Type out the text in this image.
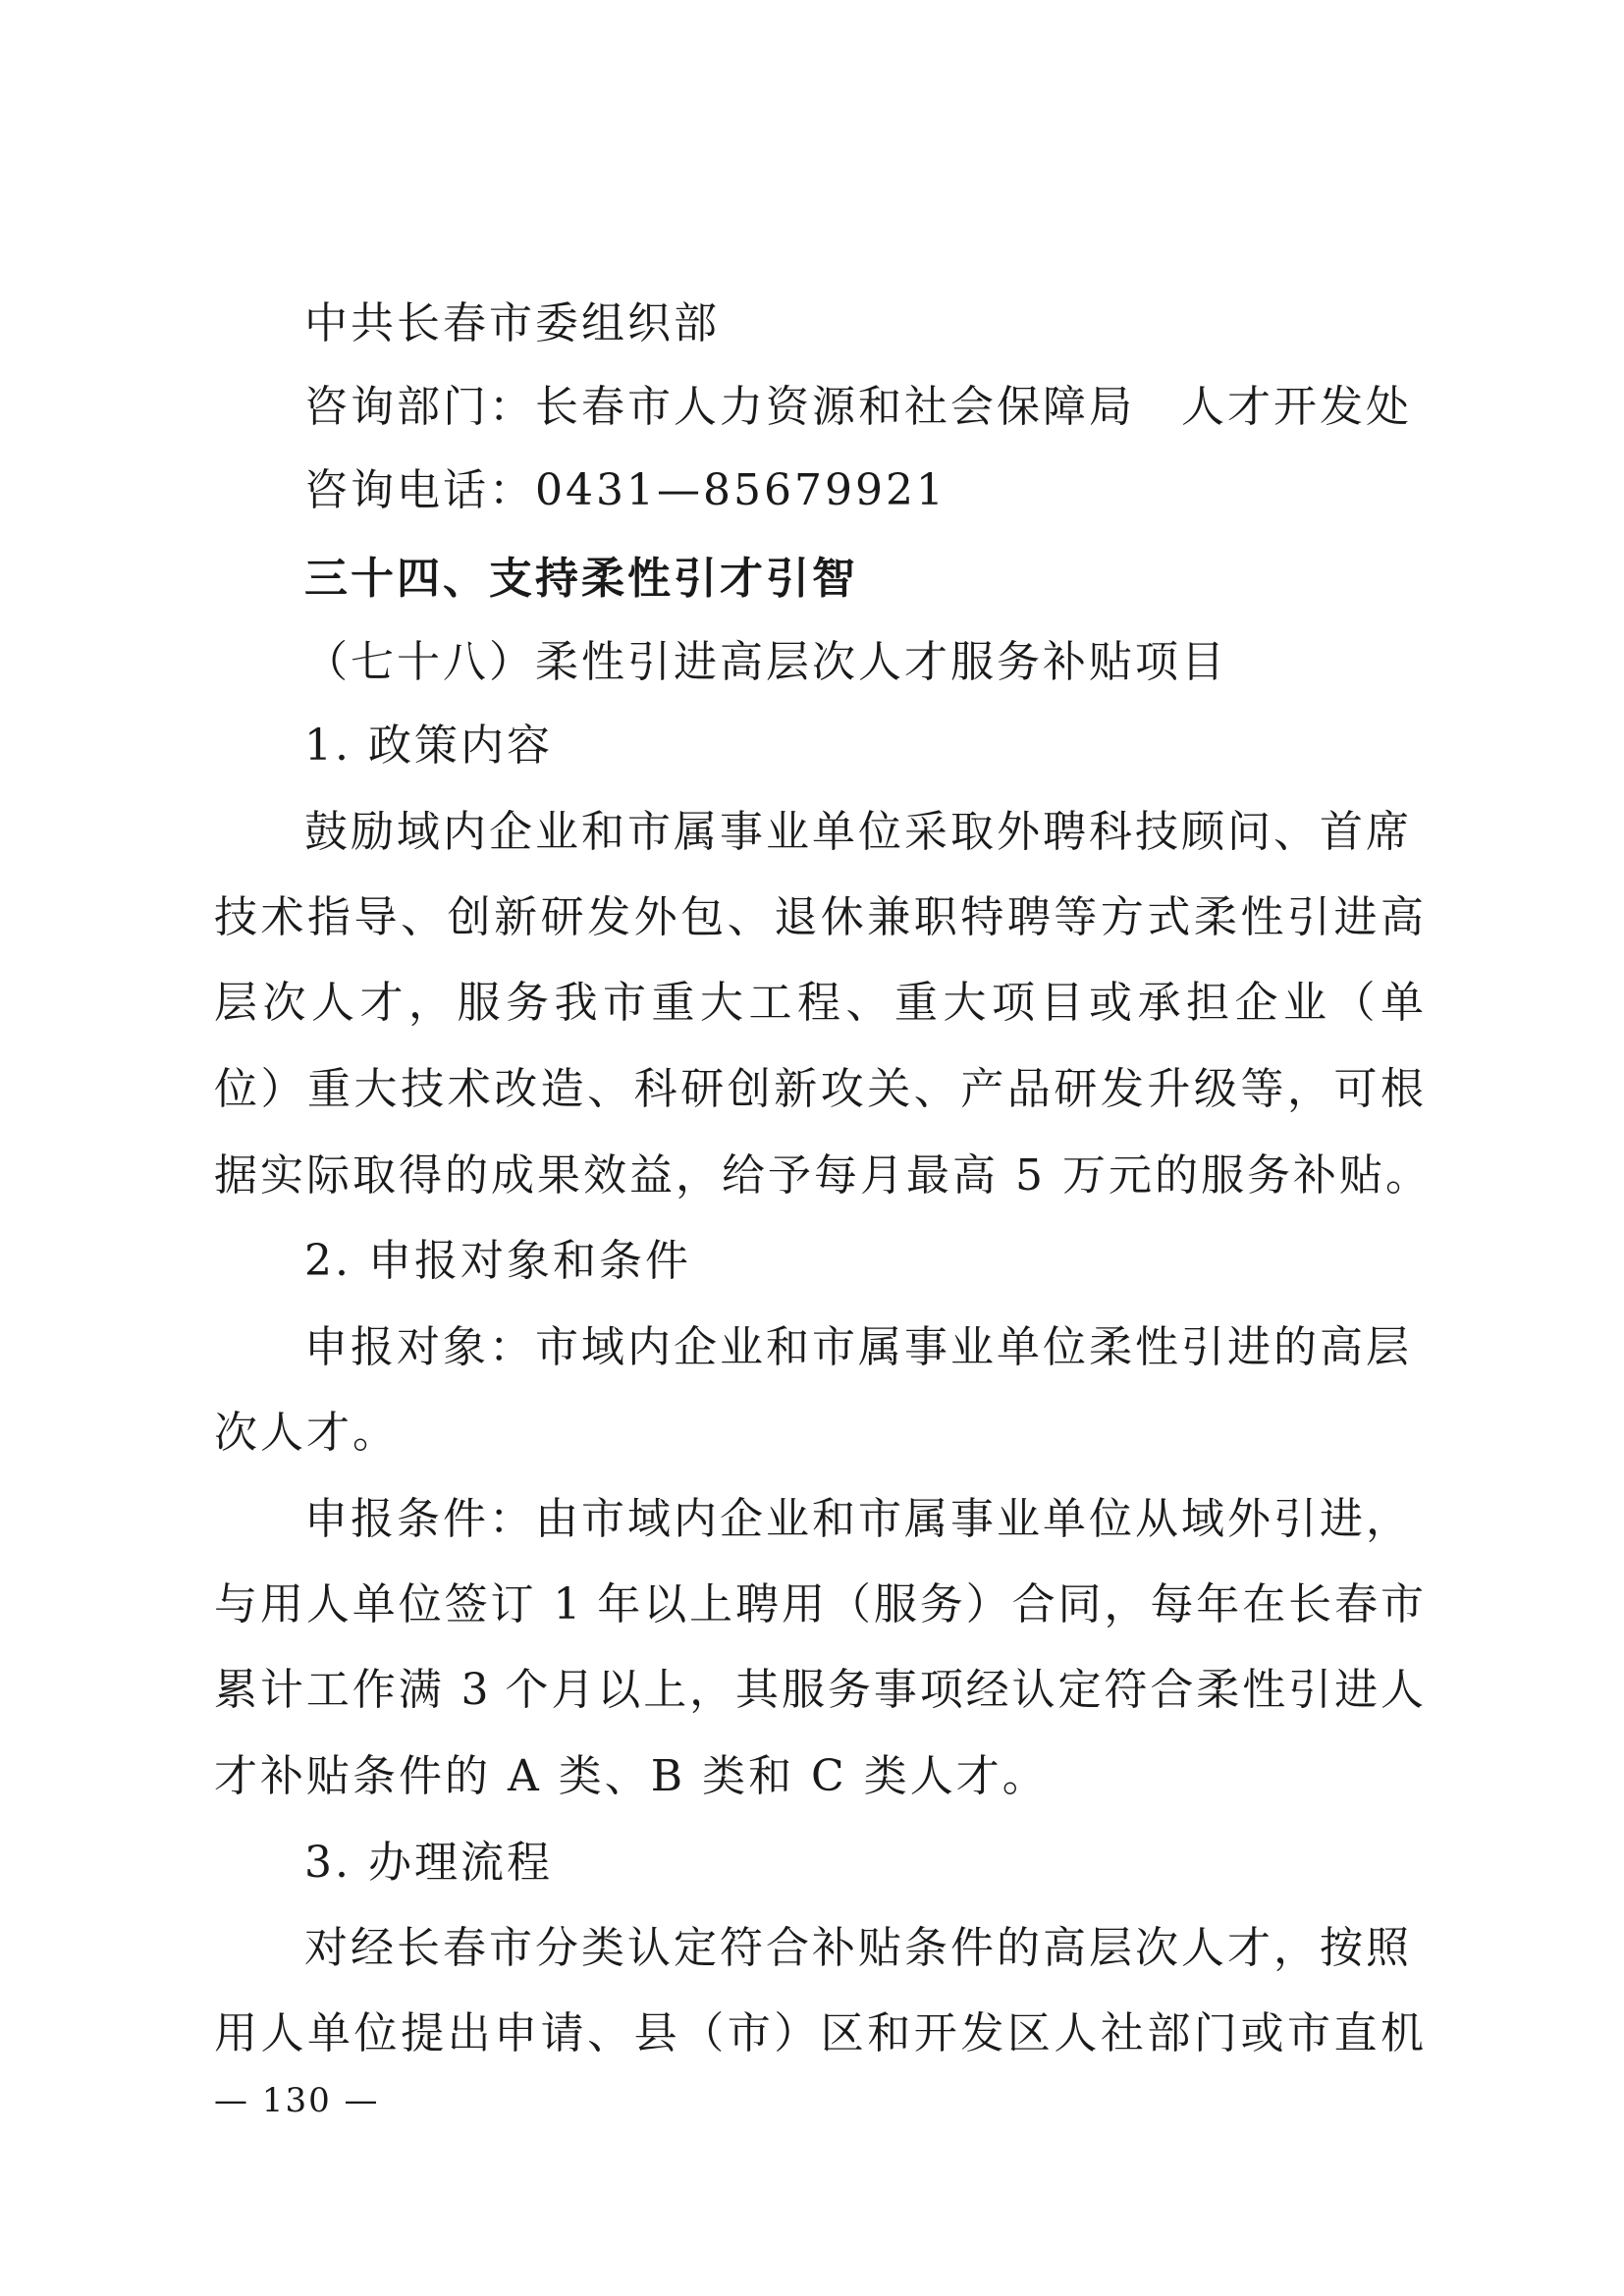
中共长春市委组织部
咨询部门：长春市人力资源和社会保障局　人才开发处
咨询电话：0431—85679921
三十四、支持柔性引才引智
（七十八）柔性引进高层次人才服务补贴项目
1. 政策内容
鼓励域内企业和市属事业单位采取外聘科技顾问、首席
技术指导、创新研发外包、退休兼职特聘等方式柔性引进高
层次人才，服务我市重大工程、重大项目或承担企业（单
位）重大技术改造、科研创新攻关、产品研发升级等，可根
据实际取得的成果效益，给予每月最高 5 万元的服务补贴。
2. 申报对象和条件
申报对象：市域内企业和市属事业单位柔性引进的高层
次人才。
申报条件：由市域内企业和市属事业单位从域外引进，
与用人单位签订 1 年以上聘用（服务）合同，每年在长春市
累计工作满 3 个月以上，其服务事项经认定符合柔性引进人
才补贴条件的 A 类、B 类和 C 类人才。
3. 办理流程
对经长春市分类认定符合补贴条件的高层次人才，按照
用人单位提出申请、县（市）区和开发区人社部门或市直机
— 130 —
